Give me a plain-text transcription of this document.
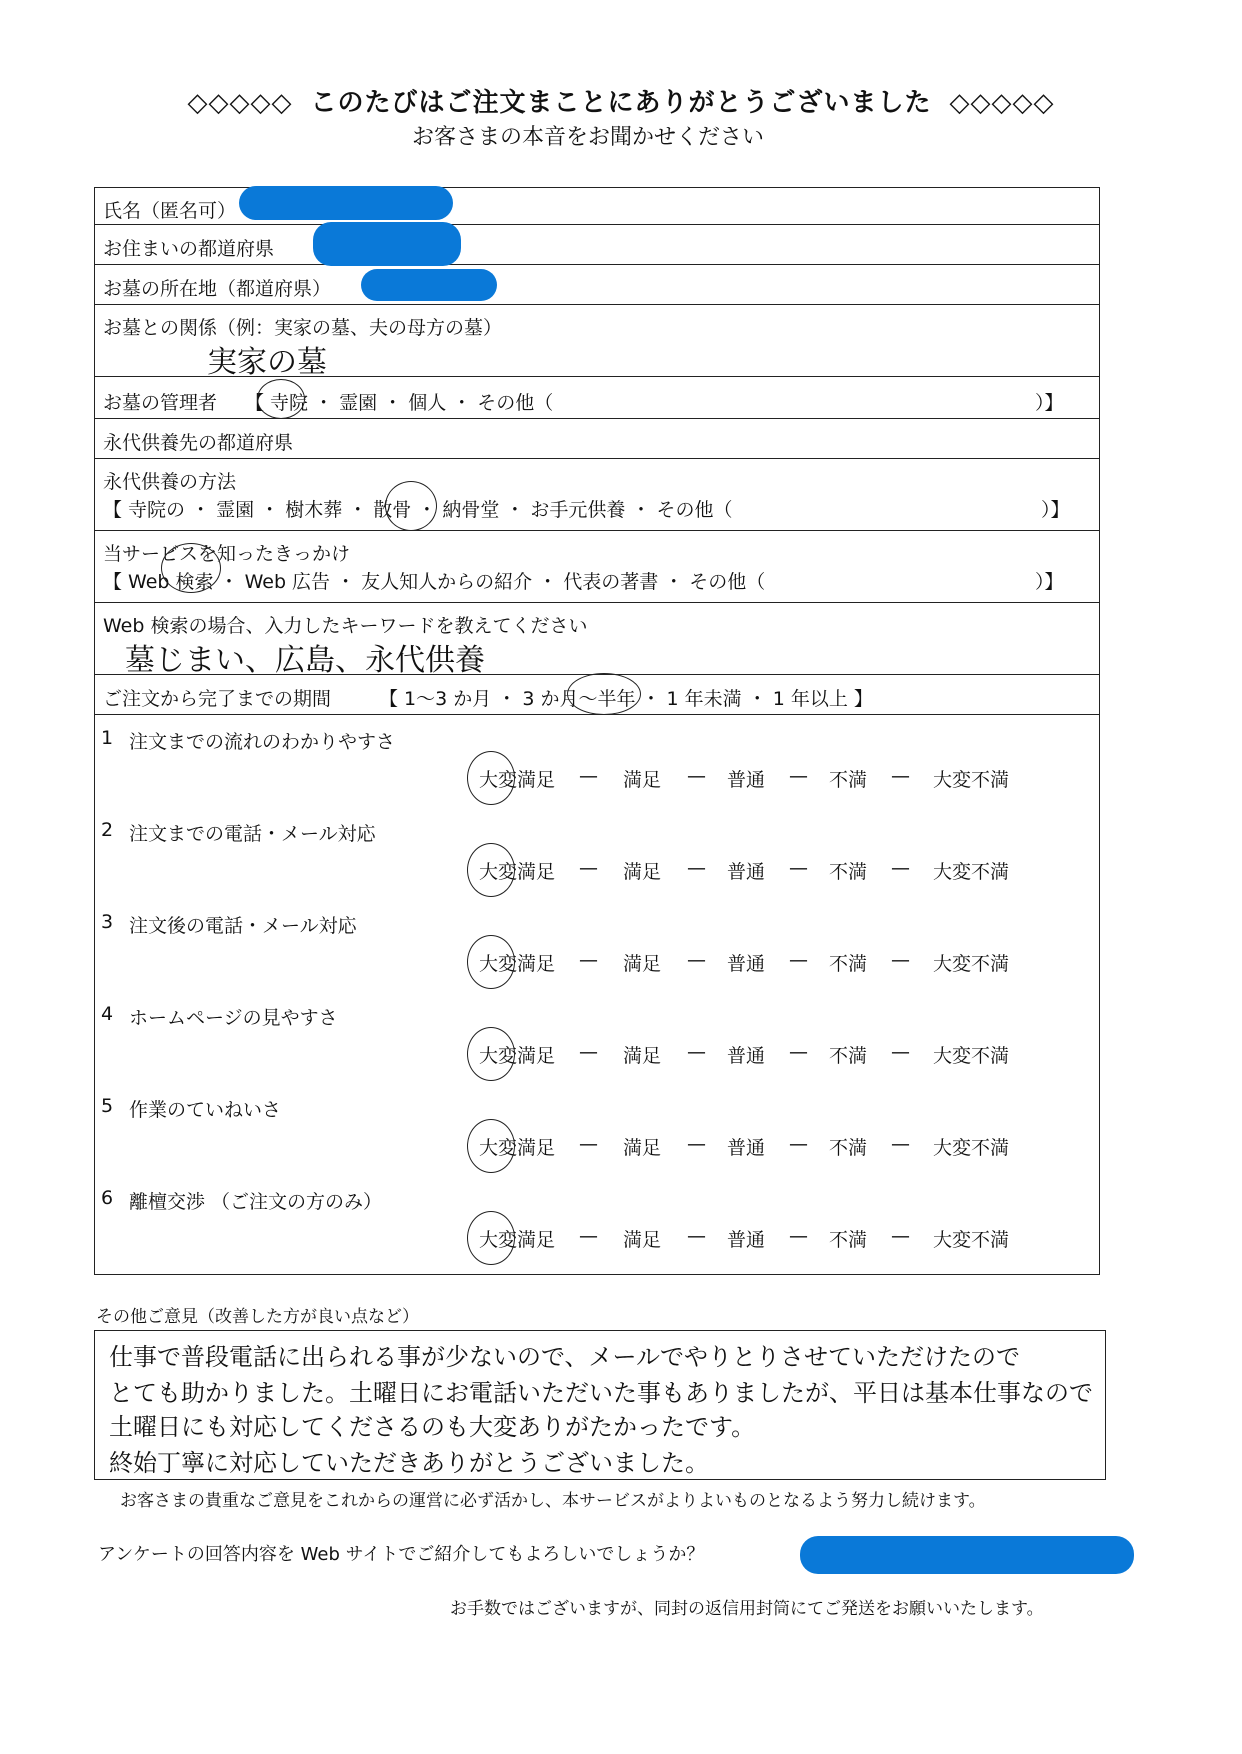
◇◇◇◇◇ このたびはご注文まことにありがとうございました ◇◇◇◇◇
お客さまの本音をお聞かせください
氏名（匿名可）
お住まいの都道府県
お墓の所在地（都道府県）
お墓との関係（例：実家の墓、夫の母方の墓）
実家の墓
お墓の管理者 【 寺院 ・ 霊園 ・ 個人 ・ その他（	）】
永代供養先の都道府県
永代供養の方法
【 寺院の ・ 霊園 ・ 樹木葬 ・ 散骨 ・ 納骨堂 ・ お手元供養 ・ その他（	）】
当サービスを知ったきっかけ
【 Web 検索 ・ Web 広告 ・ 友人知人からの紹介 ・ 代表の著書 ・ その他（	）】
Web 検索の場合、入力したキーワードを教えてください
墓じまい、広島、永代供養
ご注文から完了までの期間	【 1〜3 か月 ・ 3 か月〜半年 ・ 1 年未満 ・ 1 年以上 】
1 注文までの流れのわかりやすさ
大変満足	満足	普通	不満	大変不満
—	—	—	—
2 注文までの電話・メール対応
大変満足	満足	普通	不満	大変不満
—	—	—	—
3 注文後の電話・メール対応
大変満足	満足	普通	不満	大変不満
—	—	—	—
4 ホームページの見やすさ
大変満足	満足	普通	不満	大変不満
—	—	—	—
5 作業のていねいさ
大変満足	満足	普通	不満	大変不満
—	—	—	—
6 離檀交渉 （ご注文の方のみ）
大変満足	満足	普通	不満	大変不満
—	—	—	—
その他ご意見（改善した方が良い点など）
仕事で普段電話に出られる事が少ないので、メールでやりとりさせていただけたので
とても助かりました。土曜日にお電話いただいた事もありましたが、平日は基本仕事なので
土曜日にも対応してくださるのも大変ありがたかったです。
終始丁寧に対応していただきありがとうございました。
お客さまの貴重なご意見をこれからの運営に必ず活かし、本サービスがよりよいものとなるよう努力し続けます。
アンケートの回答内容を Web サイトでご紹介してもよろしいでしょうか？
お手数ではございますが、同封の返信用封筒にてご発送をお願いいたします。
